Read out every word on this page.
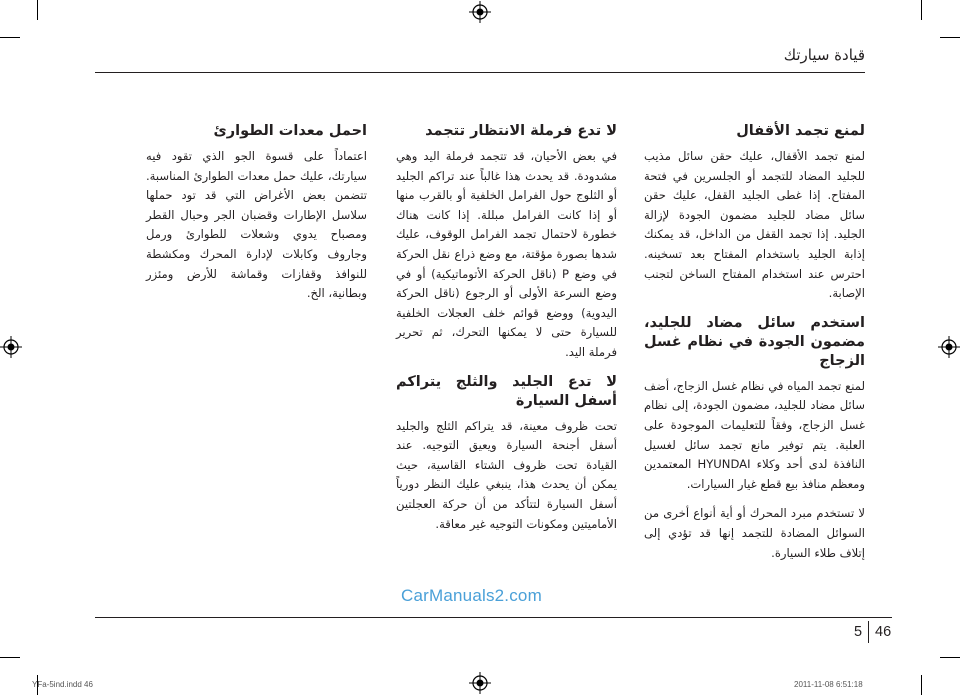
قيادة سيارتك
لمنع تجمد الأقفال

لمنع تجمد الأقفال، عليك حقن سائل مذيب للجليد المضاد للتجمد أو الجلسرين في فتحة المفتاح. إذا غطى الجليد القفل، عليك حقن سائل مضاد للجليد مضمون الجودة لإزالة الجليد. إذا تجمد القفل من الداخل، قد يمكنك إذابة الجليد باستخدام المفتاح بعد تسخينه. احترس عند استخدام المفتاح الساخن لتجنب الإصابة.

استخدم سائل مضاد للجليد، مضمون الجودة في نظام غسل الزجاج

لمنع تجمد المياه في نظام غسل الزجاج، أضف سائل مضاد للجليد، مضمون الجودة، إلى نظام غسل الزجاج، وفقاً للتعليمات الموجودة على العلبة. يتم توفير مانع تجمد سائل لغسيل النافذة لدى أحد وكلاء HYUNDAI المعتمدين ومعظم منافذ بيع قطع غيار السيارات.

لا تستخدم مبرد المحرك أو أية أنواع أخرى من السوائل المضادة للتجمد إنها قد تؤدي إلى إتلاف طلاء السيارة.

لا تدع فرملة الانتظار تتجمد

في بعض الأحيان، قد تتجمد فرملة اليد وهي مشدودة. قد يحدث هذا غالباً عند تراكم الجليد أو الثلوج حول الفرامل الخلفية أو بالقرب منها أو إذا كانت الفرامل مبللة. إذا كانت هناك خطورة لاحتمال تجمد الفرامل الوقوف، عليك شدها بصورة مؤقتة، مع وضع ذراع نقل الحركة في وضع P (ناقل الحركة الأتوماتيكية) أو في وضع السرعة الأولى أو الرجوع (ناقل الحركة اليدوية) ووضع قوائم خلف العجلات الخلفية للسيارة حتى لا يمكنها التحرك، ثم تحرير فرملة اليد.

لا تدع الجليد والثلج يتراكم أسفل السيارة

تحت ظروف معينة، قد يتراكم الثلج والجليد أسفل أجنحة السيارة ويعيق التوجيه. عند القيادة تحت ظروف الشتاء القاسية، حيث يمكن أن يحدث هذا، ينبغي عليك النظر دورياً أسفل السيارة لتتأكد من أن حركة العجلتين الأماميتين ومكونات التوجيه غير معاقة.

احمل معدات الطوارئ

اعتماداً على قسوة الجو الذي تقود فيه سيارتك، عليك حمل معدات الطوارئ المناسبة. تتضمن بعض الأغراض التي قد تود حملها سلاسل الإطارات وقضبان الجر وحبال القطر ومصباح يدوي وشعلات للطوارئ ورمل وجاروف وكابلات لإدارة المحرك ومكشطة للنوافذ وقفازات وقماشة للأرض ومئزر وبطانية، الخ.

CarManuals2.com
5 46
YFa-5ind.indd 46	2011-11-08 6:51:18
